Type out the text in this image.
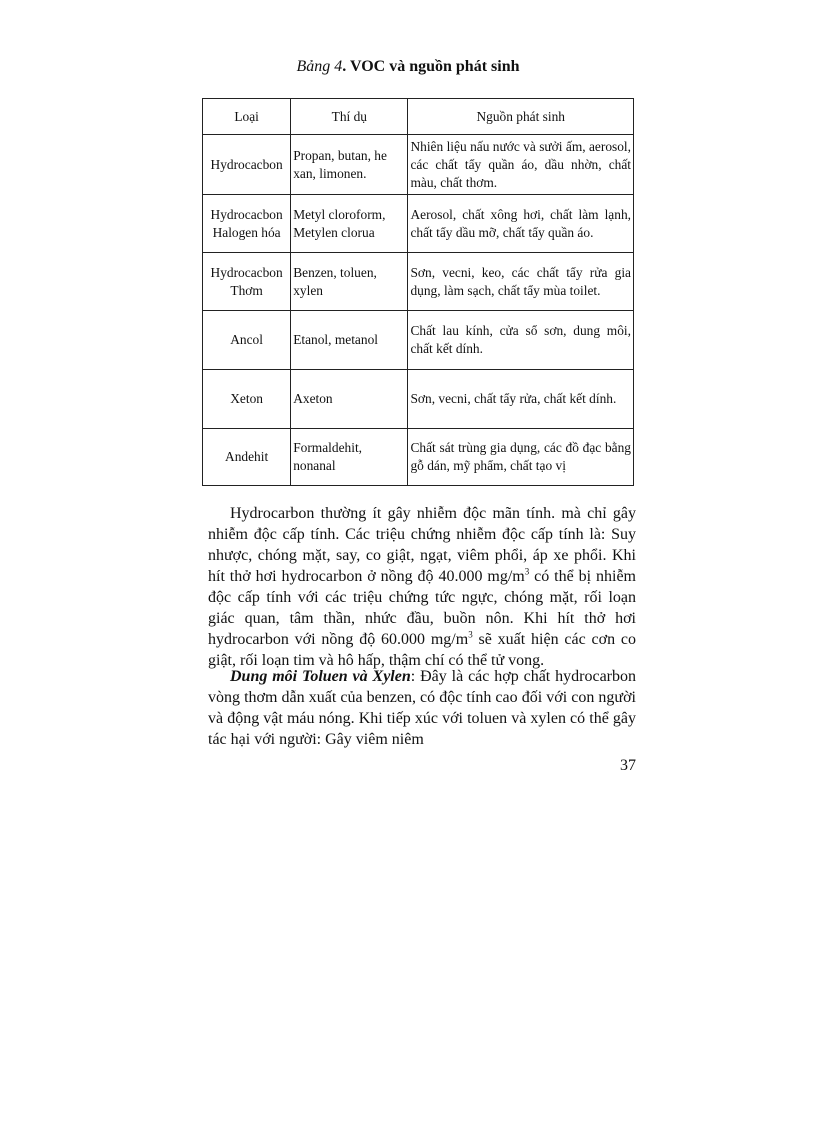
Bảng 4. VOC và nguồn phát sinh
Loại	Thí dụ	Nguồn phát sinh
Hydrocacbon	Propan, butan, he xan, limonen.	Nhiên liệu nấu nước và sưởi ấm, aerosol, các chất tẩy quần áo, dầu nhờn, chất màu, chất thơm.
Hydrocacbon Halogen hóa	Metyl cloroform, Metylen clorua	Aerosol, chất xông hơi, chất làm lạnh, chất tẩy dầu mỡ, chất tẩy quần áo.
Hydrocacbon Thơm	Benzen, toluen, xylen	Sơn, vecni, keo, các chất tẩy rửa gia dụng, làm sạch, chất tẩy mùa toilet.
Ancol	Etanol, metanol	Chất lau kính, cửa sổ sơn, dung môi, chất kết dính.
Xeton	Axeton	Sơn, vecni, chất tẩy rửa, chất kết dính.
Andehit	Formaldehit, nonanal	Chất sát trùng gia dụng, các đồ đạc bằng gỗ dán, mỹ phẩm, chất tạo vị

Hydrocarbon thường ít gây nhiễm độc mãn tính. mà chỉ gây nhiễm độc cấp tính. Các triệu chứng nhiễm độc cấp tính là: Suy nhược, chóng mặt, say, co giật, ngạt, viêm phổi, áp xe phổi. Khi hít thở hơi hydrocarbon ở nồng độ 40.000 $mg/m^3$ có thể bị nhiễm độc cấp tính với các triệu chứng tức ngực, chóng mặt, rối loạn giác quan, tâm thần, nhức đầu, buồn nôn. Khi hít thở hơi hydrocarbon với nồng độ 60.000 $mg/m^3$ sẽ xuất hiện các cơn co giật, rối loạn tim và hô hấp, thậm chí có thể tử vong.

Dung môi Toluen và Xylen: Đây là các hợp chất hydrocarbon vòng thơm dẫn xuất của benzen, có độc tính cao đối với con người và động vật máu nóng. Khi tiếp xúc với toluen và xylen có thể gây tác hại với người: Gây viêm niêm

37
